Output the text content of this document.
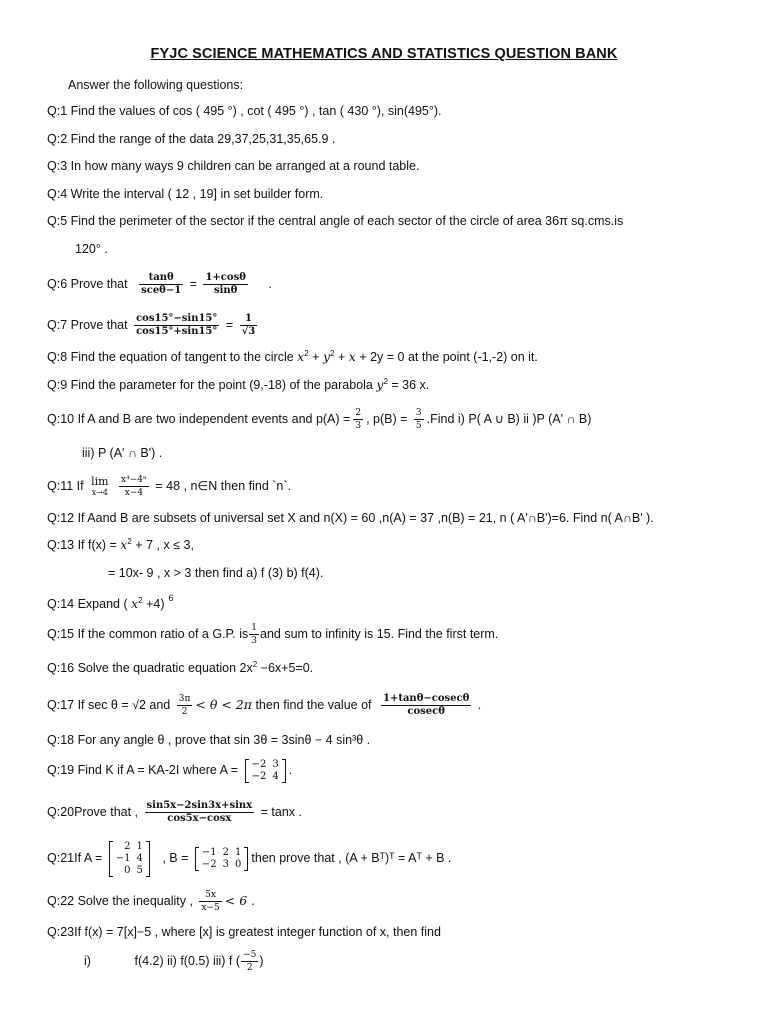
FYJC SCIENCE MATHEMATICS AND STATISTICS QUESTION BANK
Answer the following questions:
Q:1 Find the values of cos ( 495 °) , cot ( 495 °) , tan ( 430 °), sin(495°).
Q:2 Find the range of the data 29,37,25,31,35,65.9 .
Q:3 In how many ways 9 children can be arranged at a round table.
Q:4 Write the interval ( 12 , 19] in set builder form.
Q:5 Find the perimeter of the sector if the central angle of each sector of the circle of area 36π sq.cms.is
120° .
Q:6 Prove that $\frac{\tan\theta}{\text{sceθ−1}} = \frac{1+\cos\theta}{\sin\theta}$ .
Q:7 Prove that $\frac{\cos 15^\circ-\sin 15^\circ}{\cos 15^\circ+\sin 15^\circ} = \frac{1}{√3}$
Q:8 Find the equation of tangent to the circle $x^2 + y^2 + x + 2y = 0$ at the point (-1,-2) on it.
Q:9 Find the parameter for the point (9,-18) of the parabola $y^2 = 36$ x.
Q:10 If A and B are two independent events and $p(A) = \frac{2}{3}$ , $p(B) = \frac{3}{5}$ .Find i) P( A ∪ B) ii )P (A' ∩ B)
iii) P (A' ∩ B') .
Q:11 If lim
x→4
$\frac{\text{x⁴−4ⁿ}}{x-4} = 48$ , n∈N then find `n`.
Q:12 If Aand B are subsets of universal set X and n(X) = 60 ,n(A) = 37 ,n(B) = 21, n ( A'∩B')=6. Find n( A∩B' ).
Q:13 If $f(x) = x^2 + 7$ , x ≤ 3,
= 10x- 9 , x > 3 then find a) f (3) b) f(4).
Q:14 Expand ( $x^2 +4$) $^6$
Q:15 If the common ratio of a G.P. is $\frac{1}{3}$ and sum to infinity is 15. Find the first term.
Q:16 Solve the quadratic equation $2x^2 -6x+5=0$.
Q:17 If sec θ = √2 and $\frac{3\pi}{2} < \theta < 2\pi$ then find the value of $\frac{1+\tan\theta-cosec\theta}{cosec\theta}$ .
Q:18 For any angle θ , prove that sin 3θ = 3sinθ − 4 sin³θ .
Q:19 Find K if A = KA-2I where A = −2	3
−2	4 .
Q:20Prove that , $\frac{\sin 5x-2\sin 3x+\sin x}{\cos 5x-\cos x} = \tan x$ .
Q:21If A =
2	1
−1	4
0	5
, B = −1	2	1
−2	3	0 then prove that , (A + Bᵀ)ᵀ = Aᵀ + B .
Q:22 Solve the inequality , $\frac{5x}{x-5} < 6$ .
Q:23If f(x) = 7[x]−5 , where [x] is greatest integer function of x, then find
i)	f(4.2) ii) f(0.5) iii) f ( $\frac{-5}{2}$ )
